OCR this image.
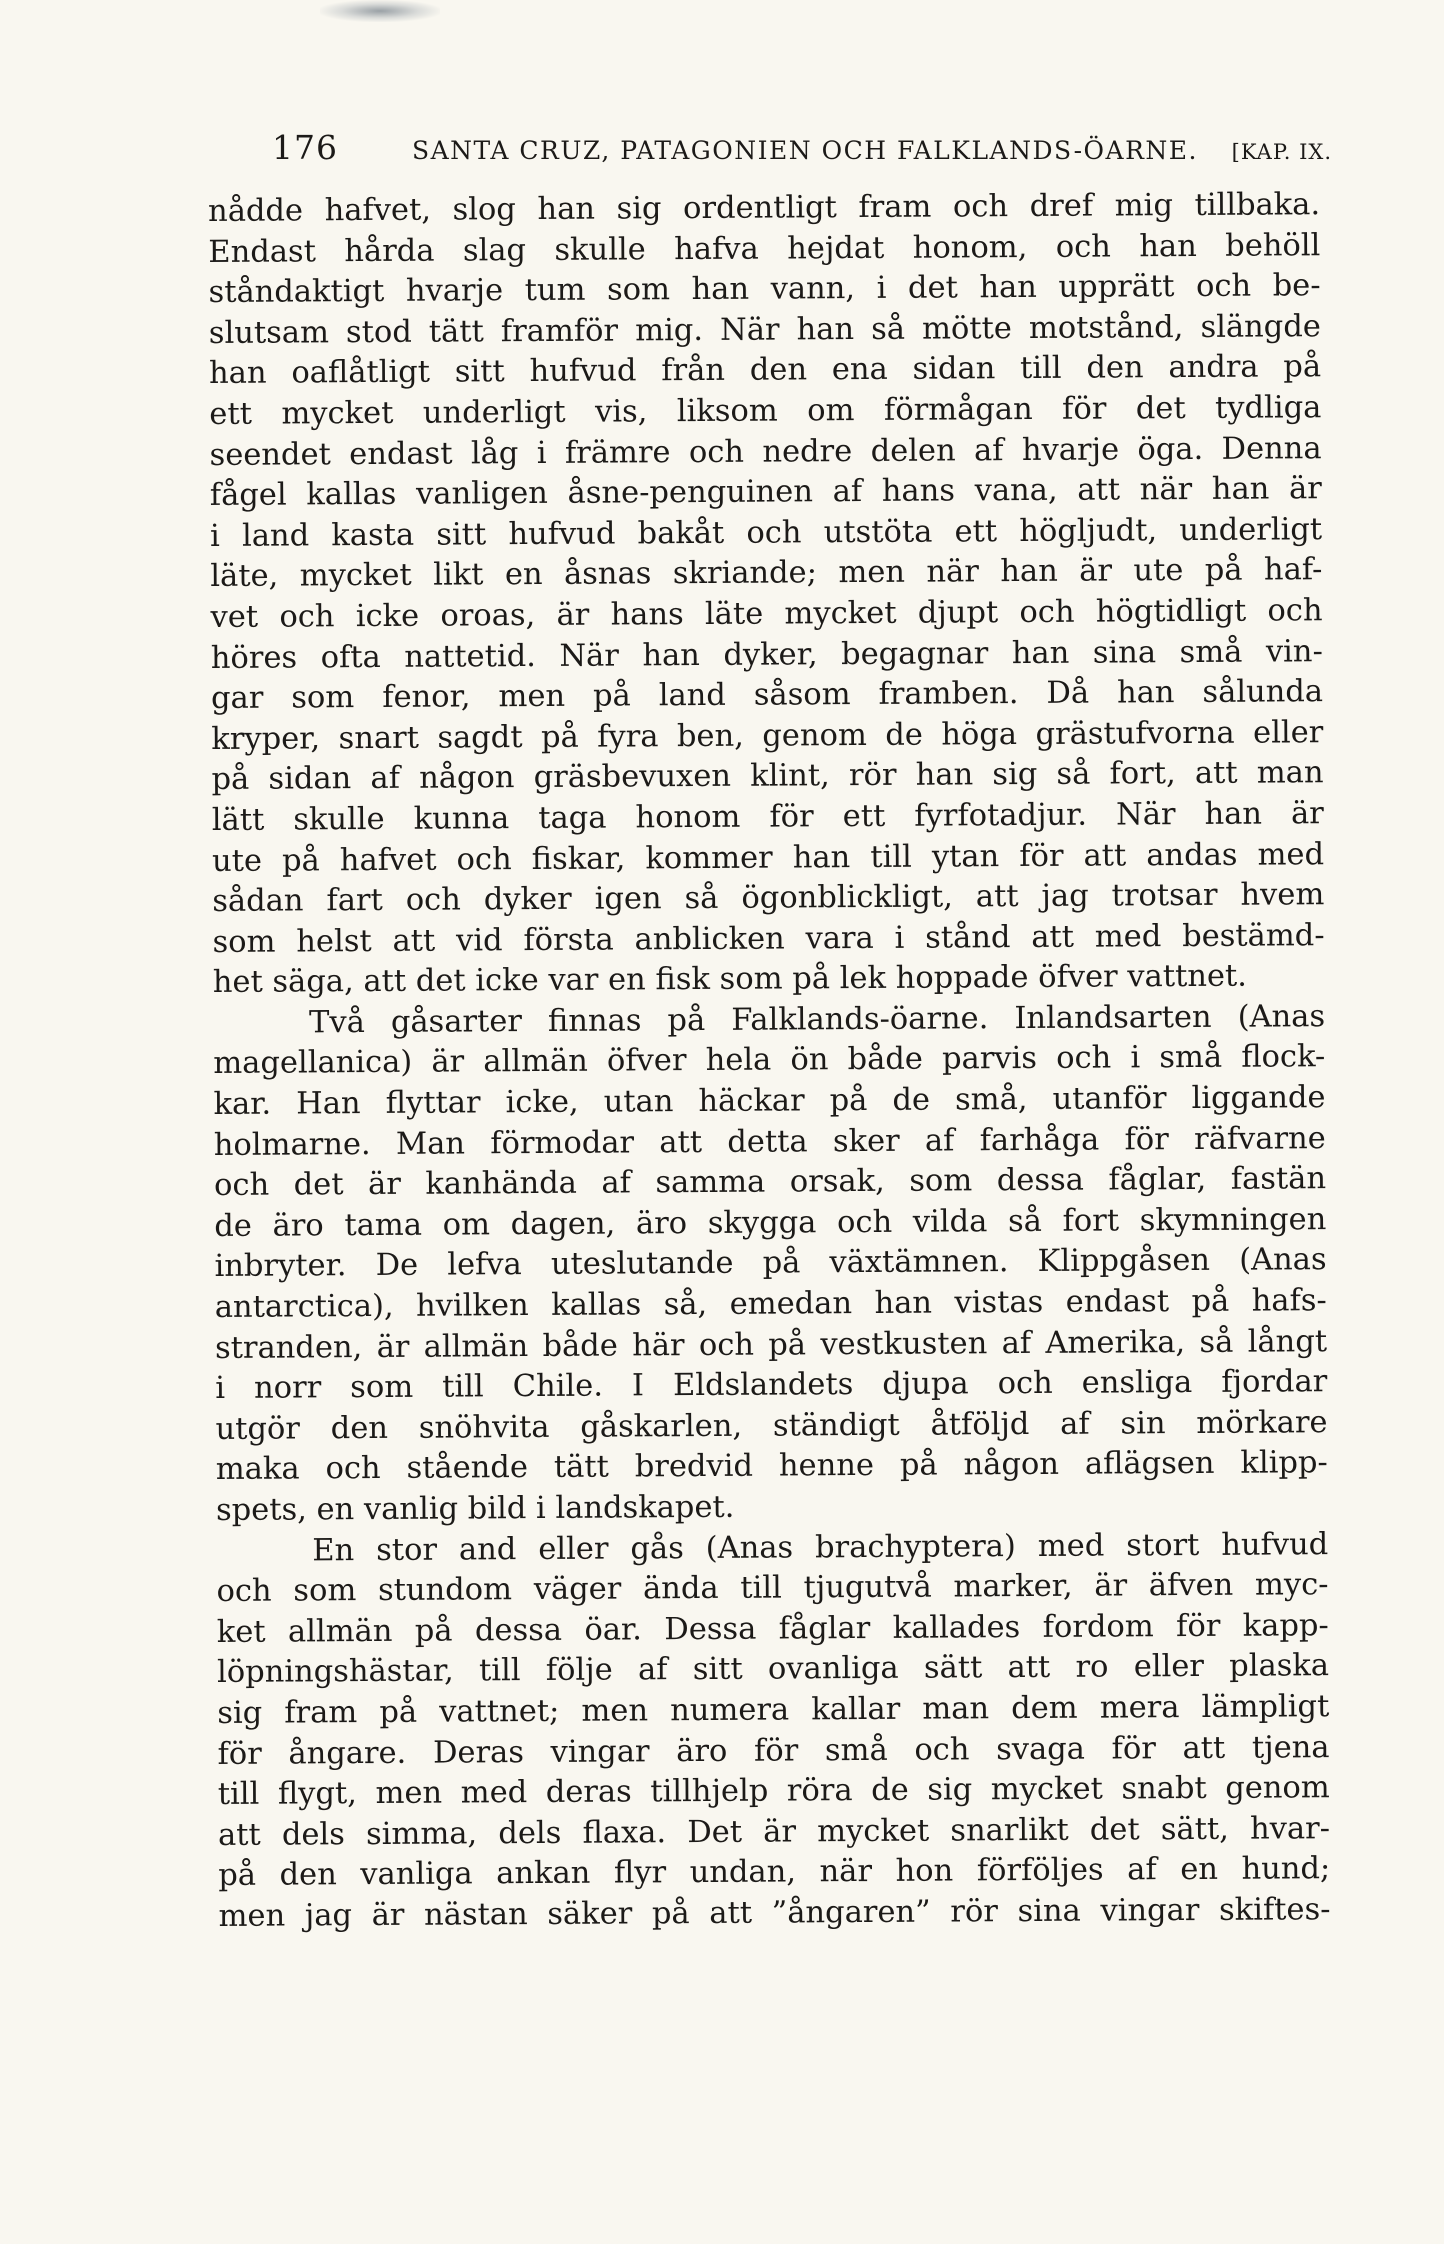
176	SANTA CRUZ, PATAGONIEN OCH FALKLANDS-ÖARNE.	[KAP. IX.
nådde hafvet, slog han sig ordentligt fram och dref mig tillbaka.
Endast hårda slag skulle hafva hejdat honom, och han behöll
ståndaktigt hvarje tum som han vann, i det han upprätt och be-
slutsam stod tätt framför mig. När han så mötte motstånd, slängde
han oaflåtligt sitt hufvud från den ena sidan till den andra på
ett mycket underligt vis, liksom om förmågan för det tydliga
seendet endast låg i främre och nedre delen af hvarje öga. Denna
fågel kallas vanligen åsne-penguinen af hans vana, att när han är
i land kasta sitt hufvud bakåt och utstöta ett högljudt, underligt
läte, mycket likt en åsnas skriande; men när han är ute på haf-
vet och icke oroas, är hans läte mycket djupt och högtidligt och
höres ofta nattetid. När han dyker, begagnar han sina små vin-
gar som fenor, men på land såsom framben. Då han sålunda
kryper, snart sagdt på fyra ben, genom de höga grästufvorna eller
på sidan af någon gräsbevuxen klint, rör han sig så fort, att man
lätt skulle kunna taga honom för ett fyrfotadjur. När han är
ute på hafvet och fiskar, kommer han till ytan för att andas med
sådan fart och dyker igen så ögonblickligt, att jag trotsar hvem
som helst att vid första anblicken vara i stånd att med bestämd-
het säga, att det icke var en fisk som på lek hoppade öfver vattnet.
Två gåsarter finnas på Falklands-öarne. Inlandsarten (Anas
magellanica) är allmän öfver hela ön både parvis och i små flock-
kar. Han flyttar icke, utan häckar på de små, utanför liggande
holmarne. Man förmodar att detta sker af farhåga för räfvarne
och det är kanhända af samma orsak, som dessa fåglar, fastän
de äro tama om dagen, äro skygga och vilda så fort skymningen
inbryter. De lefva uteslutande på växtämnen. Klippgåsen (Anas
antarctica), hvilken kallas så, emedan han vistas endast på hafs-
stranden, är allmän både här och på vestkusten af Amerika, så långt
i norr som till Chile. I Eldslandets djupa och ensliga fjordar
utgör den snöhvita gåskarlen, ständigt åtföljd af sin mörkare
maka och stående tätt bredvid henne på någon aflägsen klipp-
spets, en vanlig bild i landskapet.
En stor and eller gås (Anas brachyptera) med stort hufvud
och som stundom väger ända till tjugutvå marker, är äfven myc-
ket allmän på dessa öar. Dessa fåglar kallades fordom för kapp-
löpningshästar, till följe af sitt ovanliga sätt att ro eller plaska
sig fram på vattnet; men numera kallar man dem mera lämpligt
för ångare. Deras vingar äro för små och svaga för att tjena
till flygt, men med deras tillhjelp röra de sig mycket snabt genom
att dels simma, dels flaxa. Det är mycket snarlikt det sätt, hvar-
på den vanliga ankan flyr undan, när hon förföljes af en hund;
men jag är nästan säker på att ”ångaren” rör sina vingar skiftes-
